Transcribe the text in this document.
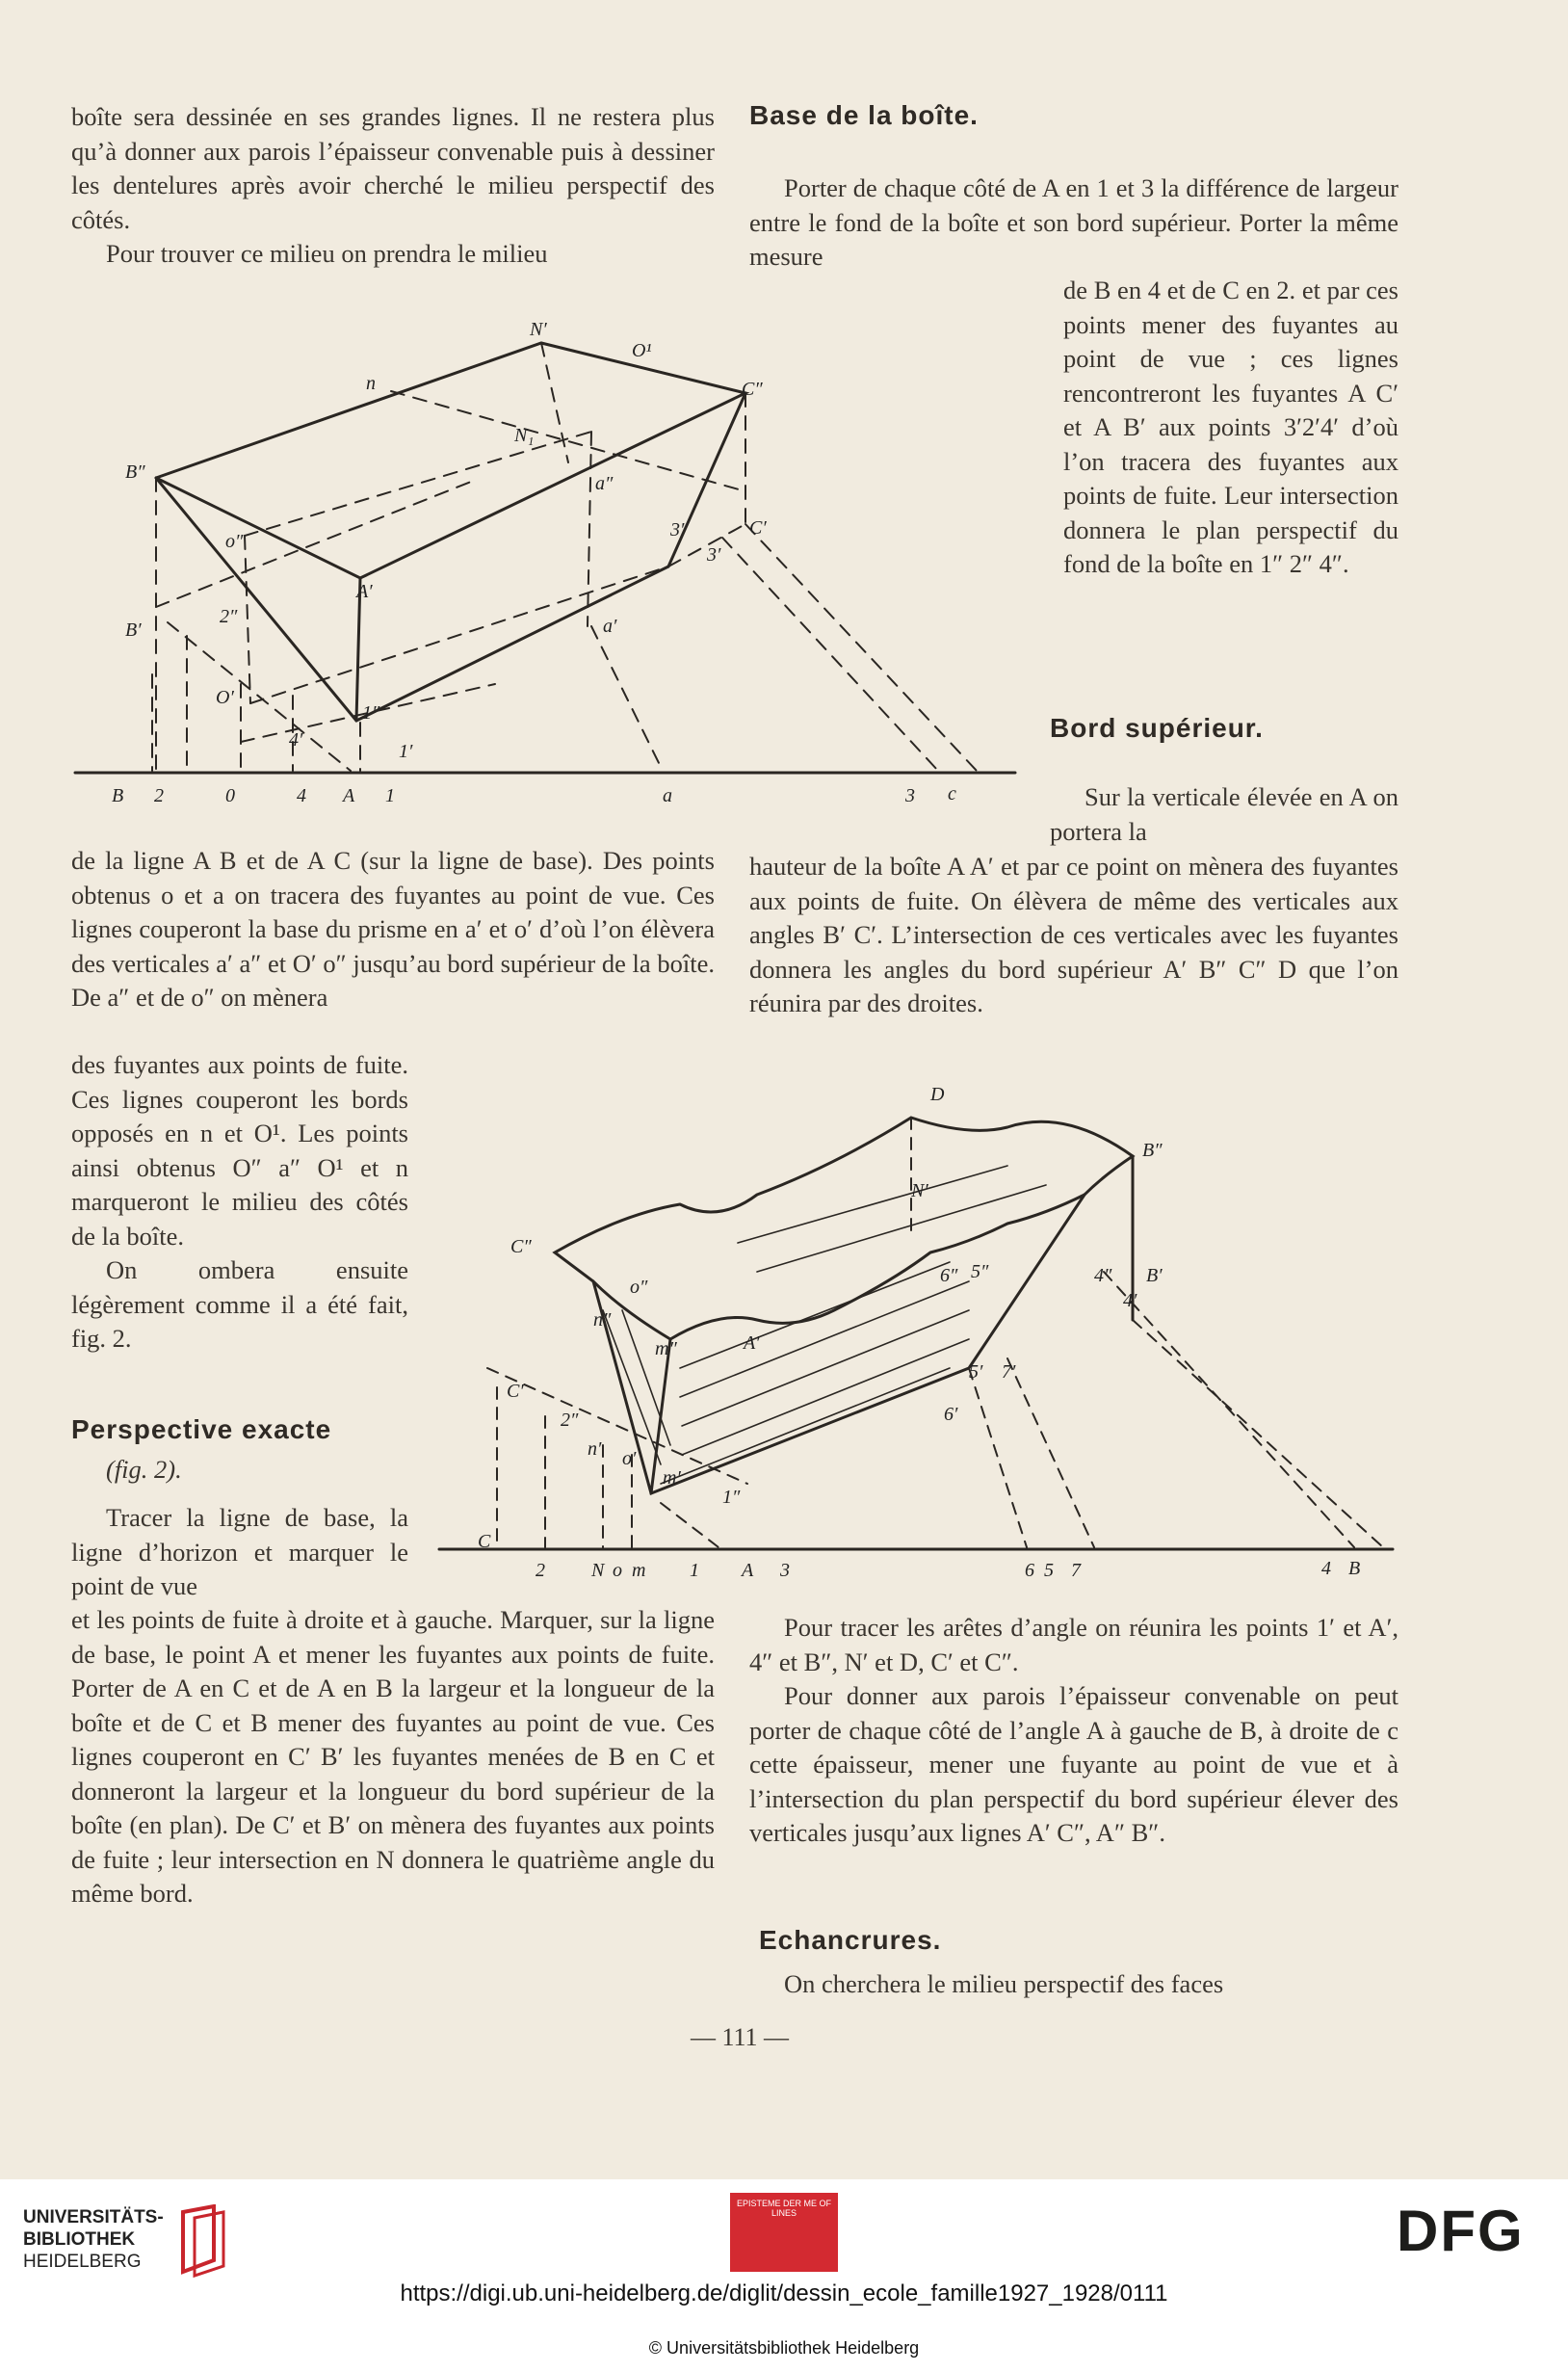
boîte sera dessinée en ses grandes lignes. Il ne restera plus qu’à donner aux parois l’épaisseur convenable puis à dessiner les dentelures après avoir cherché le milieu perspectif des côtés.

Pour trouver ce milieu on prendra le milieu

de la ligne A B et de A C (sur la ligne de base). Des points obtenus o et a on tracera des fuyantes au point de vue. Ces lignes couperont la base du prisme en a′ et o′ d’où l’on élèvera des verticales a′ a″ et O′ o″ jusqu’au bord supérieur de la boîte. De a″ et de o″ on mènera

des fuyantes aux points de fuite. Ces lignes couperont les bords opposés en n et O¹. Les points ainsi obtenus O″ a″ O¹ et n marqueront le milieu des côtés de la boîte.

On ombera ensuite légèrement comme il a été fait, fig. 2.

Perspective exacte
(fig. 2).

Tracer la ligne de base, la ligne d’horizon et marquer le point de vue

et les points de fuite à droite et à gauche. Marquer, sur la ligne de base, le point A et mener les fuyantes aux points de fuite. Porter de A en C et de A en B la largeur et la longueur de la boîte et de C et B mener des fuyantes au point de vue. Ces lignes couperont en C′ B′ les fuyantes menées de B en C et donneront la largeur et la longueur du bord supérieur de la boîte (en plan). De C′ et B′ on mènera des fuyantes aux points de fuite ; leur intersection en N donnera le quatrième angle du même bord.

Base de la boîte.

Porter de chaque côté de A en 1 et 3 la différence de largeur entre le fond de la boîte et son bord supérieur. Porter la même mesure

de B en 4 et de C en 2. et par ces points mener des fuyantes au point de vue ; ces lignes rencontreront les fuyantes A C′ et A B′ aux points 3′2′4′ d’où l’on tracera des fuyantes aux points de fuite. Leur intersection donnera le plan perspectif du fond de la boîte en 1″ 2″ 4″.

Bord supérieur.

Sur la verticale élevée en A on portera la

hauteur de la boîte A A′ et par ce point on mènera des fuyantes aux points de fuite. On élèvera de même des verticales aux angles B′ C′. L’intersection de ces verticales avec les fuyantes donnera les angles du bord supérieur A′ B″ C″ D que l’on réunira par des droites.

Pour tracer les arêtes d’angle on réunira les points 1′ et A′, 4″ et B″, N′ et D, C′ et C″.

Pour donner aux parois l’épaisseur convenable on peut porter de chaque côté de l’angle A à gauche de B, à droite de c cette épaisseur, mener une fuyante au point de vue et à l’intersection du plan perspectif du bord supérieur élever des verticales jusqu’aux lignes A′ C″, A″ B″.

Echancrures.

On cherchera le milieu perspectif des faces

— 111 —
N′
O¹
n	C″
B″
N₁
a″
o″
A′
3′	C′
3′
B′
2″	a′
O′
1″
4′
1′
B 2	0	4 A 1	a	3 c
D
B″
C″
N′
o″
n″
A′
m″
6″ 5″	4″ B′
C′
2″
n′ o′
m′
1″
5′ 7′
6′
4′
C
2 N o m 1 A 3	6 5 7	4 B
UNIVERSITÄTS-
BIBLIOTHEK
HEIDELBERG
EPISTEME DER ME OF LINES	DFG
https://digi.ub.uni-heidelberg.de/diglit/dessin_ecole_famille1927_1928/0111
© Universitätsbibliothek Heidelberg
